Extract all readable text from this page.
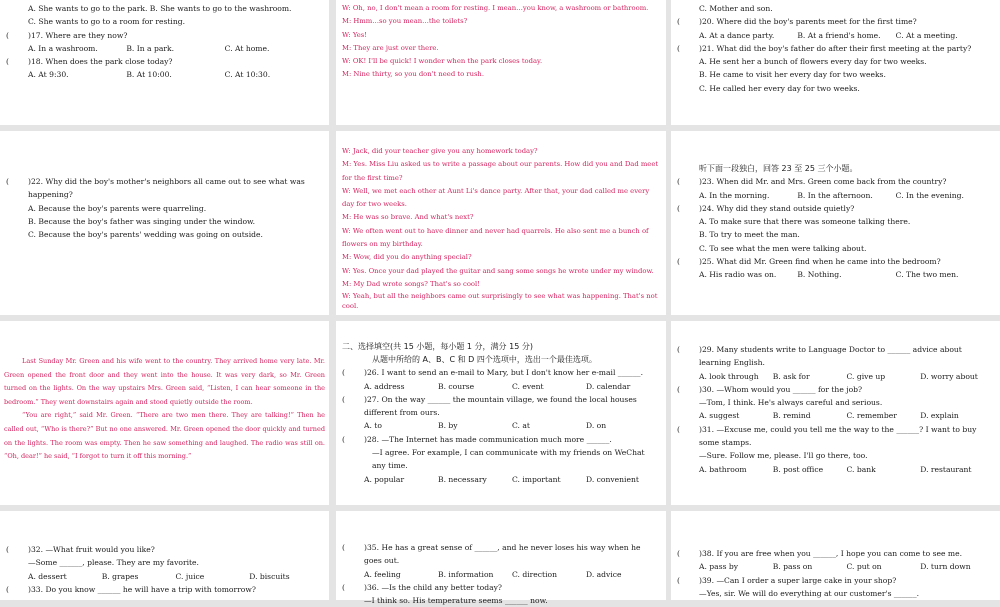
A. She wants to go to the park. B. She wants to go to the washroom.
C. She wants to go to a room for resting.
(	)17. Where are they now?
A. In a washroom.	B. In a park.	C. At home.
(	)18. When does the park close today?
A. At 9:30.	B. At 10:00.	C. At 10:30.
W: Oh, no, I don't mean a room for resting. I mean…you know, a washroom or bathroom.
M: Hmm…so you mean…the toilets?
W: Yes!
M: They are just over there.
W: OK! I'll be quick! I wonder when the park closes today.
M: Nine thirty, so you don't need to rush.
C. Mother and son.
(	)20. Where did the boy's parents meet for the first time?
A. At a dance party.	B. At a friend's home.	C. At a meeting.
(	)21. What did the boy's father do after their first meeting at the party?
A. He sent her a bunch of flowers every day for two weeks.
B. He came to visit her every day for two weeks.
C. He called her every day for two weeks.
(	)22. Why did the boy's mother's neighbors all came out to see what was happening?
A. Because the boy's parents were quarreling.
B. Because the boy's father was singing under the window.
C. Because the boy's parents' wedding was going on outside.
W: Jack, did your teacher give you any homework today?
M: Yes. Miss Liu asked us to write a passage about our parents. How did you and Dad meet for the first time?
W: Well, we met each other at Aunt Li's dance party. After that, your dad called me every day for two weeks.
M: He was so brave. And what's next?
W: We often went out to have dinner and never had quarrels. He also sent me a bunch of flowers on my birthday.
M: Wow, did you do anything special?
W: Yes. Once your dad played the guitar and sang some songs he wrote under my window.
M: My Dad wrote songs? That's so cool!
W: Yeah, but all the neighbors came out surprisingly to see what was happening. That's not cool.
听下面一段独白，回答 23 至 25 三个小题。
(	)23. When did Mr. and Mrs. Green come back from the country?
A. In the morning.	B. In the afternoon.	C. In the evening.
(	)24. Why did they stand outside quietly?
A. To make sure that there was someone talking there.
B. To try to meet the man.
C. To see what the men were talking about.
(	)25. What did Mr. Green find when he came into the bedroom?
A. His radio was on.	B. Nothing.	C. The two men.
Last Sunday Mr. Green and his wife went to the country. They arrived home very late. Mr. Green opened the front door and they went into the house. It was very dark, so Mr. Green turned on the lights. On the way upstairs Mrs. Green said, “Listen, I can hear someone in the bedroom.” They went downstairs again and stood quietly outside the room.
“You are right,” said Mr. Green. “There are two men there. They are talking!” Then he called out, “Who is there?” But no one answered. Mr. Green opened the door quickly and turned on the lights. The room was empty. Then he saw something and laughed. The radio was still on. “Oh, dear!” he said, “I forgot to turn it off this morning.”
二、选择填空(共 15 小题，每小题 1 分，满分 15 分)
从题中所给的 A、B、C 和 D 四个选项中，选出一个最佳选项。
(	)26. I want to send an e-mail to Mary, but I don't know her e-mail ______.
A. address	B. course	C. event	D. calendar
(	)27. On the way ______ the mountain village, we found the local houses different from ours.
A. to	B. by	C. at	D. on
(	)28. —The Internet has made communication much more ______.
—I agree. For example, I can communicate with my friends on WeChat any time.
A. popular	B. necessary	C. important	D. convenient
(	)29. Many students write to Language Doctor to ______ advice about learning English.
A. look through	B. ask for	C. give up	D. worry about
(	)30. —Whom would you ______ for the job?
—Tom, I think. He's always careful and serious.
A. suggest	B. remind	C. remember	D. explain
(	)31. —Excuse me, could you tell me the way to the ______? I want to buy some stamps.
—Sure. Follow me, please. I'll go there, too.
A. bathroom	B. post office	C. bank	D. restaurant
(	)32. —What fruit would you like?
—Some ______, please. They are my favorite.
A. dessert	B. grapes	C. juice	D. biscuits
(	)33. Do you know ______ he will have a trip with tomorrow?
(	)35. He has a great sense of ______, and he never loses his way when he goes out.
A. feeling	B. information	C. direction	D. advice
(	)36. —Is the child any better today?
—I think so. His temperature seems ______ now.
(	)38. If you are free when you ______, I hope you can come to see me.
A. pass by	B. pass on	C. put on	D. turn down
(	)39. —Can I order a super large cake in your shop?
—Yes, sir. We will do everything at our customer's ______.
